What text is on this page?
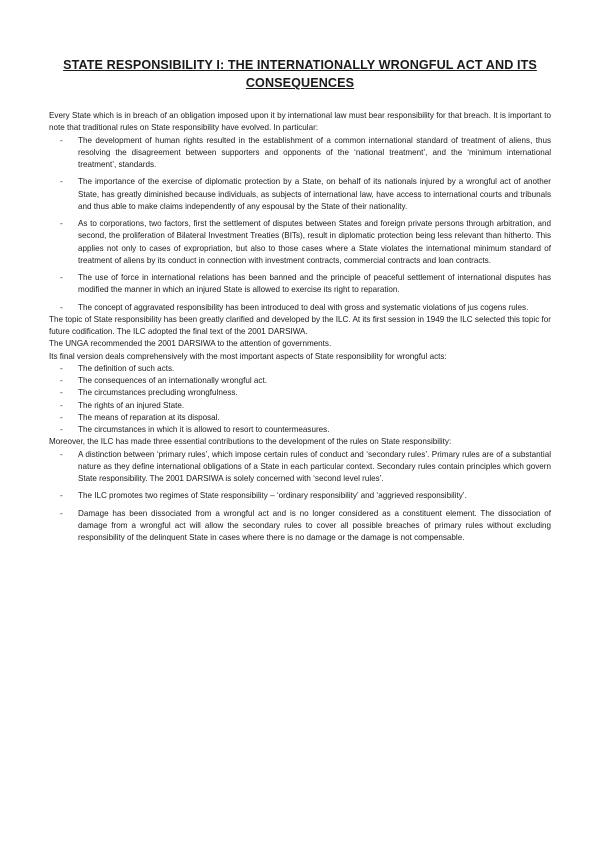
STATE RESPONSIBILITY I: THE INTERNATIONALLY WRONGFUL ACT AND ITS CONSEQUENCES

Every State which is in breach of an obligation imposed upon it by international law must bear responsibility for that breach. It is important to note that traditional rules on State responsibility have evolved. In particular:

- The development of human rights resulted in the establishment of a common international standard of treatment of aliens, thus resolving the disagreement between supporters and opponents of the ‘national treatment’, and the ‘minimum international treatment’, standards.
- The importance of the exercise of diplomatic protection by a State, on behalf of its nationals injured by a wrongful act of another State, has greatly diminished because individuals, as subjects of international law, have access to international courts and tribunals and thus able to make claims independently of any espousal by the State of their nationality.
- As to corporations, two factors, first the settlement of disputes between States and foreign private persons through arbitration, and second, the proliferation of Bilateral Investment Treaties (BITs), result in diplomatic protection being less relevant than hitherto. This applies not only to cases of expropriation, but also to those cases where a State violates the international minimum standard of treatment of aliens by its conduct in connection with investment contracts, commercial contracts and loan contracts.
- The use of force in international relations has been banned and the principle of peaceful settlement of international disputes has modified the manner in which an injured State is allowed to exercise its right to reparation.
- The concept of aggravated responsibility has been introduced to deal with gross and systematic violations of jus cogens rules.

The topic of State responsibility has been greatly clarified and developed by the ILC. At its first session in 1949 the ILC selected this topic for future codification. The ILC adopted the final text of the 2001 DARSIWA.

The UNGA recommended the 2001 DARSIWA to the attention of governments.

Its final version deals comprehensively with the most important aspects of State responsibility for wrongful acts:

- The definition of such acts.
- The consequences of an internationally wrongful act.
- The circumstances precluding wrongfulness.
- The rights of an injured State.
- The means of reparation at its disposal.
- The circumstances in which it is allowed to resort to countermeasures.

Moreover, the ILC has made three essential contributions to the development of the rules on State responsibility:

- A distinction between ‘primary rules’, which impose certain rules of conduct and ‘secondary rules’. Primary rules are of a substantial nature as they define international obligations of a State in each particular context. Secondary rules contain principles which govern State responsibility. The 2001 DARSIWA is solely concerned with ‘second level rules’.
- The ILC promotes two regimes of State responsibility – ‘ordinary responsibility’ and ‘aggrieved responsibility’.
- Damage has been dissociated from a wrongful act and is no longer considered as a constituent element. The dissociation of damage from a wrongful act will allow the secondary rules to cover all possible breaches of primary rules without excluding responsibility of the delinquent State in cases where there is no damage or the damage is not compensable.
